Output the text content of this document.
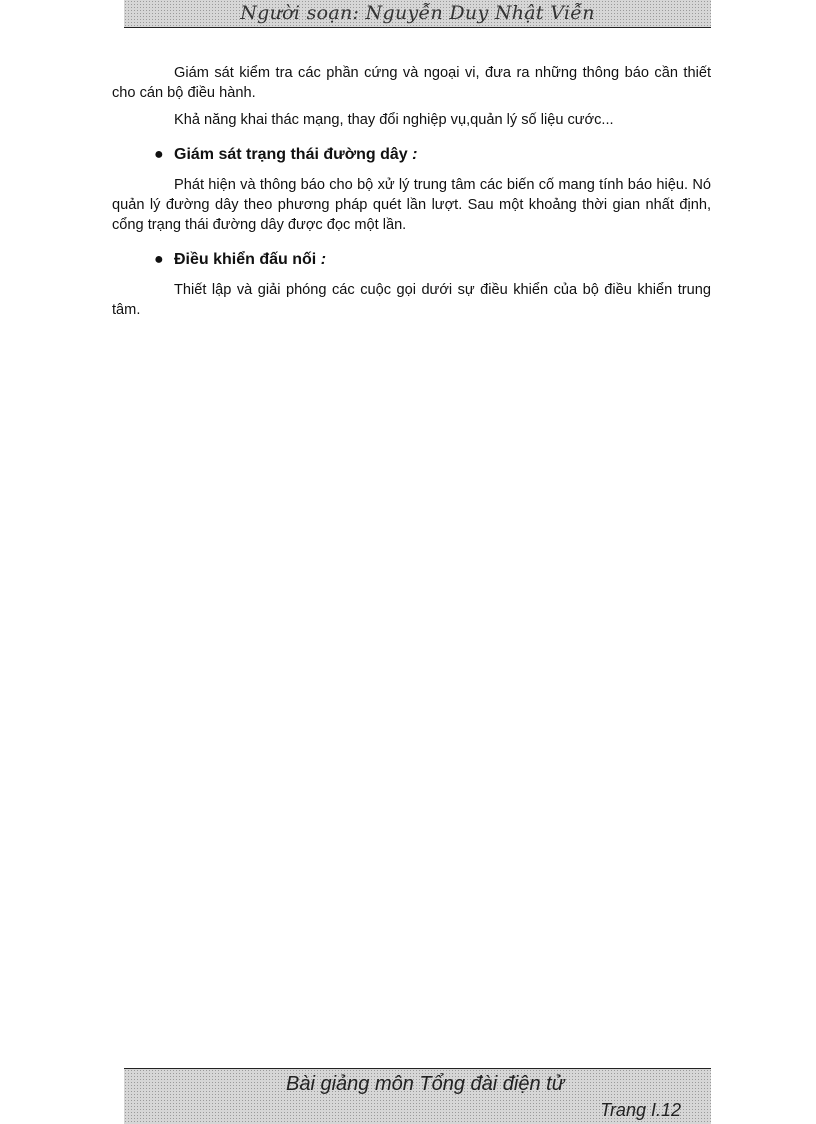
Người soạn: Nguyễn Duy Nhật Viễn

Giám sát kiểm tra các phần cứng và ngoại vi, đưa ra những thông báo cần thiết cho cán bộ điều hành.

Khả năng khai thác mạng, thay đổi nghiệp vụ,quản lý số liệu cước...

● Giám sát trạng thái đường dây :

Phát hiện và thông báo cho bộ xử lý trung tâm các biến cố mang tính báo hiệu. Nó quản lý đường dây theo phương pháp quét lần lượt. Sau một khoảng thời gian nhất định, cổng trạng thái đường dây được đọc một lần.

● Điều khiển đấu nối :

Thiết lập và giải phóng các cuộc gọi dưới sự điều khiển của bộ điều khiển trung tâm.

Bài giảng môn Tổng đài điện tử
Trang I.12
